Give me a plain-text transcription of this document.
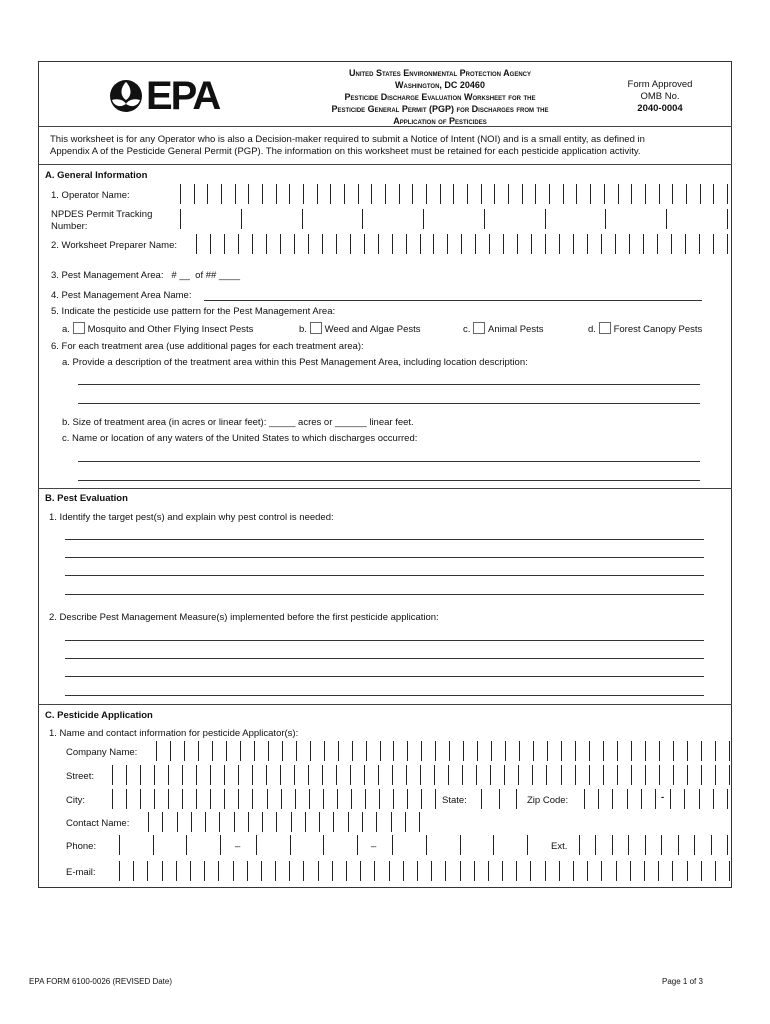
EPA
United States Environmental Protection Agency
Washington, DC 20460
Pesticide Discharge Evaluation Worksheet for the
Pesticide General Permit (PGP) for Discharges from the
Application of Pesticides
Form Approved
OMB No.
2040-0004
This worksheet is for any Operator who is also a Decision-maker required to submit a Notice of Intent (NOI) and is a small entity, as defined in
Appendix A of the Pesticide General Permit (PGP). The information on this worksheet must be retained for each pesticide application activity.
A. General Information
1. Operator Name:
NPDES Permit Tracking
Number:
2. Worksheet Preparer Name:
3. Pest Management Area:   # __  of ## ____
4. Pest Management Area Name:
5. Indicate the pesticide use pattern for the Pest Management Area:
a. Mosquito and Other Flying Insect Pests	b. Weed and Algae Pests	c. Animal Pests	d. Forest Canopy Pests
6. For each treatment area (use additional pages for each treatment area):
a. Provide a description of the treatment area within this Pest Management Area, including location description:
b. Size of treatment area (in acres or linear feet): _____ acres or ______ linear feet.
c. Name or location of any waters of the United States to which discharges occurred:
B. Pest Evaluation
1. Identify the target pest(s) and explain why pest control is needed:
2. Describe Pest Management Measure(s) implemented before the first pesticide application:
C. Pesticide Application
1. Name and contact information for pesticide Applicator(s):
Company Name:
Street:
City:	State:	Zip Code:	-
Contact Name:
Phone:	–	–	Ext.
E-mail:
EPA FORM 6100-0026 (REVISED Date)	Page 1 of 3
